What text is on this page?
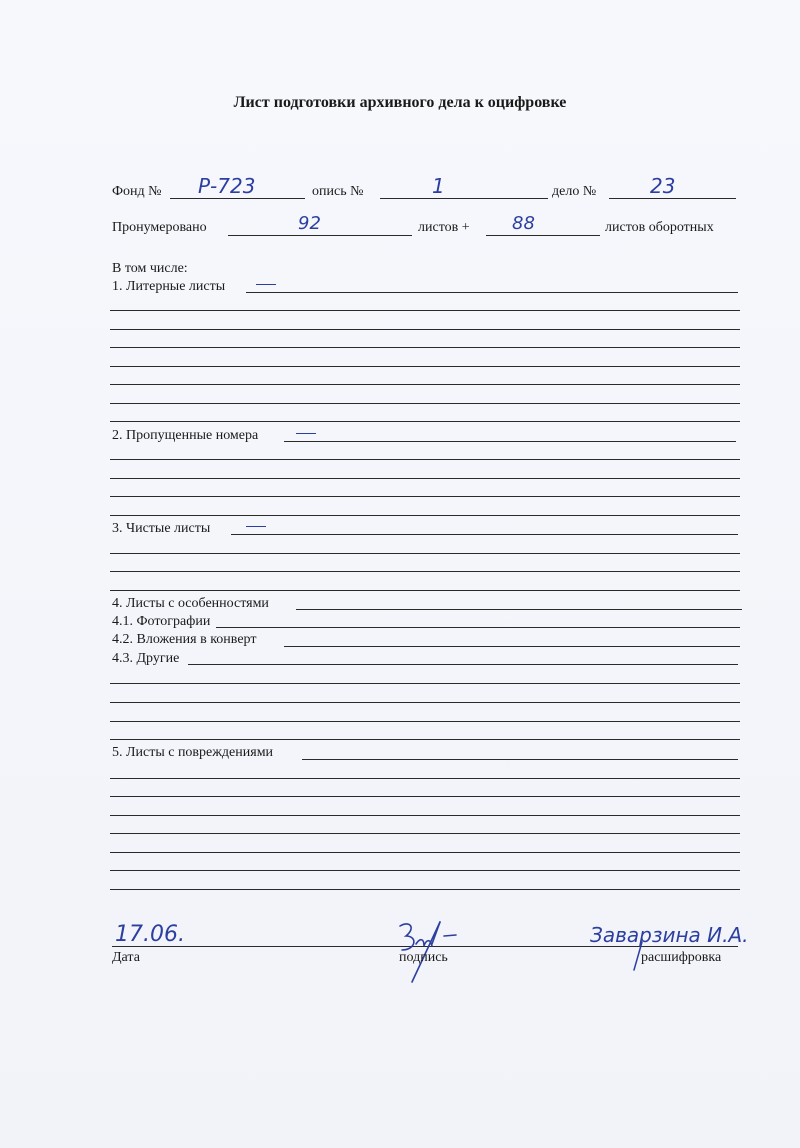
Лист подготовки архивного дела к оцифровке
Фонд № Р-723	опись №	1	дело №	23
Пронумеровано	92	листов + 88	листов оборотных
В том числе:
1. Литерные листы
2. Пропущенные номера
3. Чистые листы
4. Листы с особенностями
4.1. Фотографии
4.2. Вложения в конверт
4.3. Другие
5. Листы с повреждениями
17.06.
Дата	подпись
Заварзина И.А.
расшифровка
